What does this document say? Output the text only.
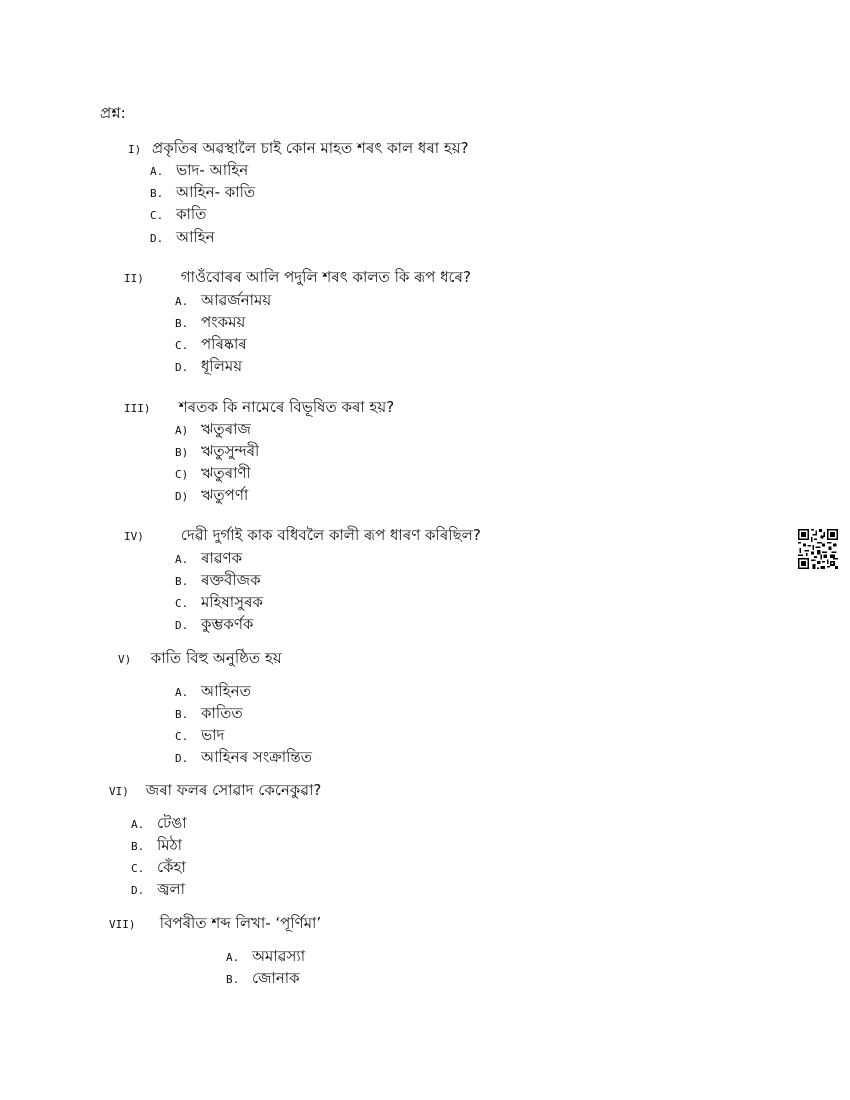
প্ৰশ্ন:
I) প্ৰকৃতিৰ অৱস্থালৈ চাই কোন মাহত শৰৎ কাল ধৰা হয়?
A. ভাদ- আহিন
B. আহিন- কাতি
C. কাতি
D. আহিন
II) গাওঁবোৰৰ আলি পদুলি শৰৎ কালত কি ৰূপ ধৰে?
A. আৱৰ্জনাময়
B. পংকময়
C. পৰিষ্কাৰ
D. ধূলিময়
III) শৰতক কি নামেৰে বিভূষিত কৰা হয়?
A) ঋতুৰাজ
B) ঋতুসুন্দৰী
C) ঋতুৰাণী
D) ঋতুপৰ্ণা
IV) দেৱী দুৰ্গাই কাক বধিবলৈ কালী ৰূপ ধাৰণ কৰিছিল?
A. ৰাৱণক
B. ৰক্তবীজক
C. মহিষাসুৰক
D. কুম্ভকৰ্ণক
V) কাতি বিহু অনুষ্ঠিত হয়
A. আহিনত
B. কাতিত
C. ভাদ
D. আহিনৰ সংক্ৰান্তিত
VI) জৰা ফলৰ সোৱাদ কেনেকুৱা?
A. টেঙা
B. মিঠা
C. কেঁহা
D. জ্বলা
VII) বিপৰীত শব্দ লিখা- ‘পূৰ্ণিমা’
A. অমাৱস্যা
B. জোনাক
